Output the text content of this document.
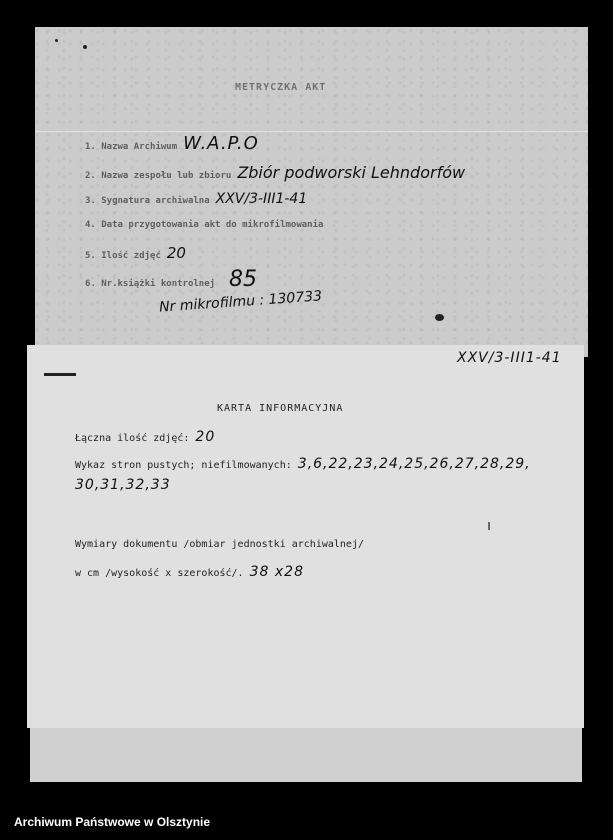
METRYCZKA AKT
1. Nazwa Archiwum W.A.P.O
2. Nazwa zespołu lub zbioru Zbiór podworski Lehndorfów
3. Sygnatura archiwalna XXV/3-III1-41
4. Data przygotowania akt do mikrofilmowania
5. Ilość zdjęć 20
6. Nr.książki kontrolnej 85
Nr mikrofilmu : 130733
XXV/3-III1-41
KARTA INFORMACYJNA
Łączna ilość zdjęć: 20
Wykaz stron pustych; niefilmowanych: 3,6,22,23,24,25,26,27,28,29,
30,31,32,33
Wymiary dokumentu /obmiar jednostki archiwalnej/
w cm /wysokość x szerokość/. 38 x28
Archiwum Państwowe w Olsztynie
